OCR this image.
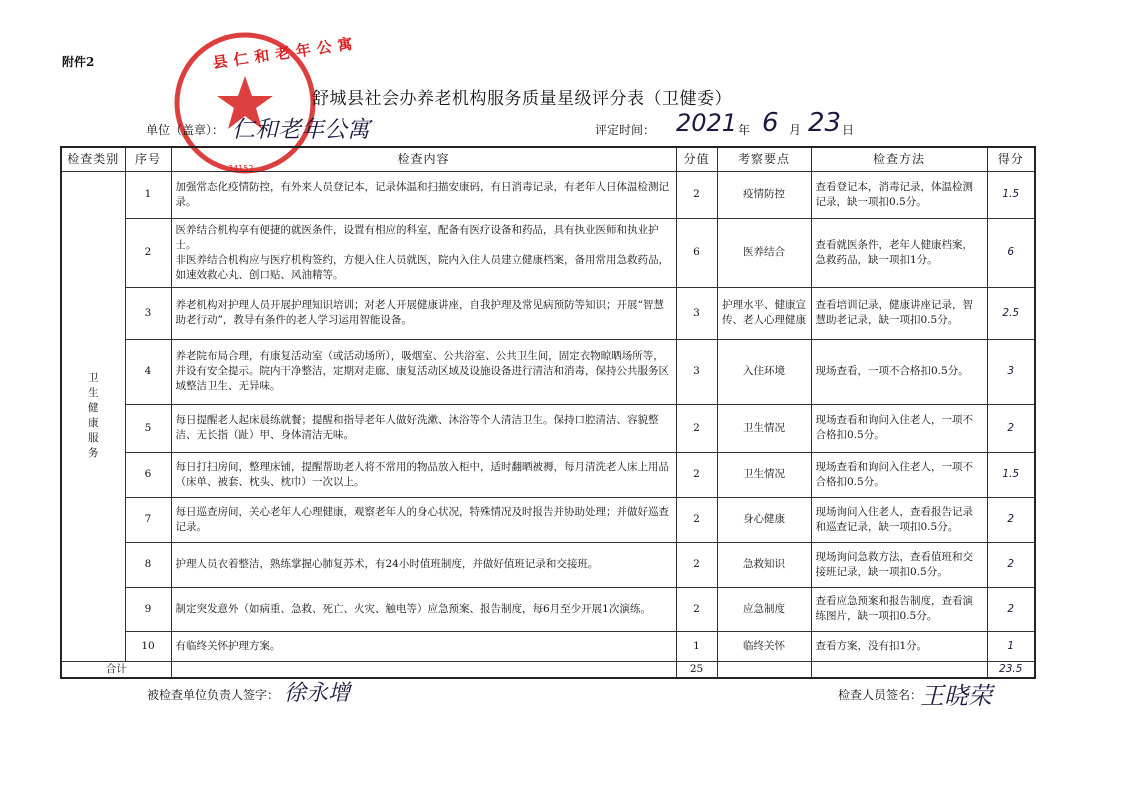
附件2	县仁和老年公寓
34152
舒城县社会办养老机构服务质量星级评分表（卫健委）
单位（盖章）： 仁和老年公寓	评定时间： 2021 年 6 月 23 日
检查类别	序号	检查内容	分值	考察要点	检查方法	得分
卫生健康服务	1	加强常态化疫情防控，有外来人员登记本，记录体温和扫描安康码，有日消毒记录，有老年人日体温检测记录。	2	疫情防控	查看登记本，消毒记录，体温检测记录，缺一项扣0.5分。	1.5
	2	医养结合机构享有便捷的就医条件，设置有相应的科室，配备有医疗设备和药品，具有执业医师和执业护士。
非医养结合机构应与医疗机构签约，方便入住人员就医，院内入住人员建立健康档案，备用常用急救药品，如速效救心丸、创口贴、风油精等。	6	医养结合	查看就医条件，老年人健康档案，急救药品，缺一项扣1分。	6
	3	养老机构对护理人员开展护理知识培训；对老人开展健康讲座，自我护理及常见病预防等知识；开展“智慧助老行动”，教导有条件的老人学习运用智能设备。	3	护理水平、健康宣传、老人心理健康	查看培训记录，健康讲座记录，智慧助老记录，缺一项扣0.5分。	2.5
	4	养老院布局合理，有康复活动室（或活动场所），吸烟室、公共浴室、公共卫生间，固定衣物晾晒场所等，并设有安全提示。院内干净整洁，定期对走廊、康复活动区域及设施设备进行清洁和消毒，保持公共服务区域整洁卫生、无异味。	3	入住环境	现场查看，一项不合格扣0.5分。	3
	5	每日提醒老人起床晨练就餐；提醒和指导老年人做好洗漱、沐浴等个人清洁卫生。保持口腔清洁、容貌整洁、无长指（趾）甲、身体清洁无味。	2	卫生情况	现场查看和询问入住老人，一项不合格扣0.5分。	2
	6	每日打扫房间，整理床铺，提醒帮助老人将不常用的物品放入柜中，适时翻晒被褥，每月清洗老人床上用品（床单、被套、枕头、枕巾）一次以上。	2	卫生情况	现场查看和询问入住老人，一项不合格扣0.5分。	1.5
	7	每日巡查房间，关心老年人心理健康，观察老年人的身心状况，特殊情况及时报告并协助处理；并做好巡查记录。	2	身心健康	现场询问入住老人，查看报告记录和巡查记录，缺一项扣0.5分。	2
	8	护理人员衣着整洁，熟练掌握心肺复苏术，有24小时值班制度，并做好值班记录和交接班。	2	急救知识	现场询问急救方法，查看值班和交接班记录，缺一项扣0.5分。	2
	9	制定突发意外（如病重、急救、死亡、火灾、触电等）应急预案、报告制度，每6月至少开展1次演练。	2	应急制度	查看应急预案和报告制度，查看演练图片，缺一项扣0.5分。	2
	10	有临终关怀护理方案。	1	临终关怀	查看方案，没有扣1分。	1
合计			25			23.5
被检查单位负责人签字： 徐永增	检查人员签名：
王晓荣
